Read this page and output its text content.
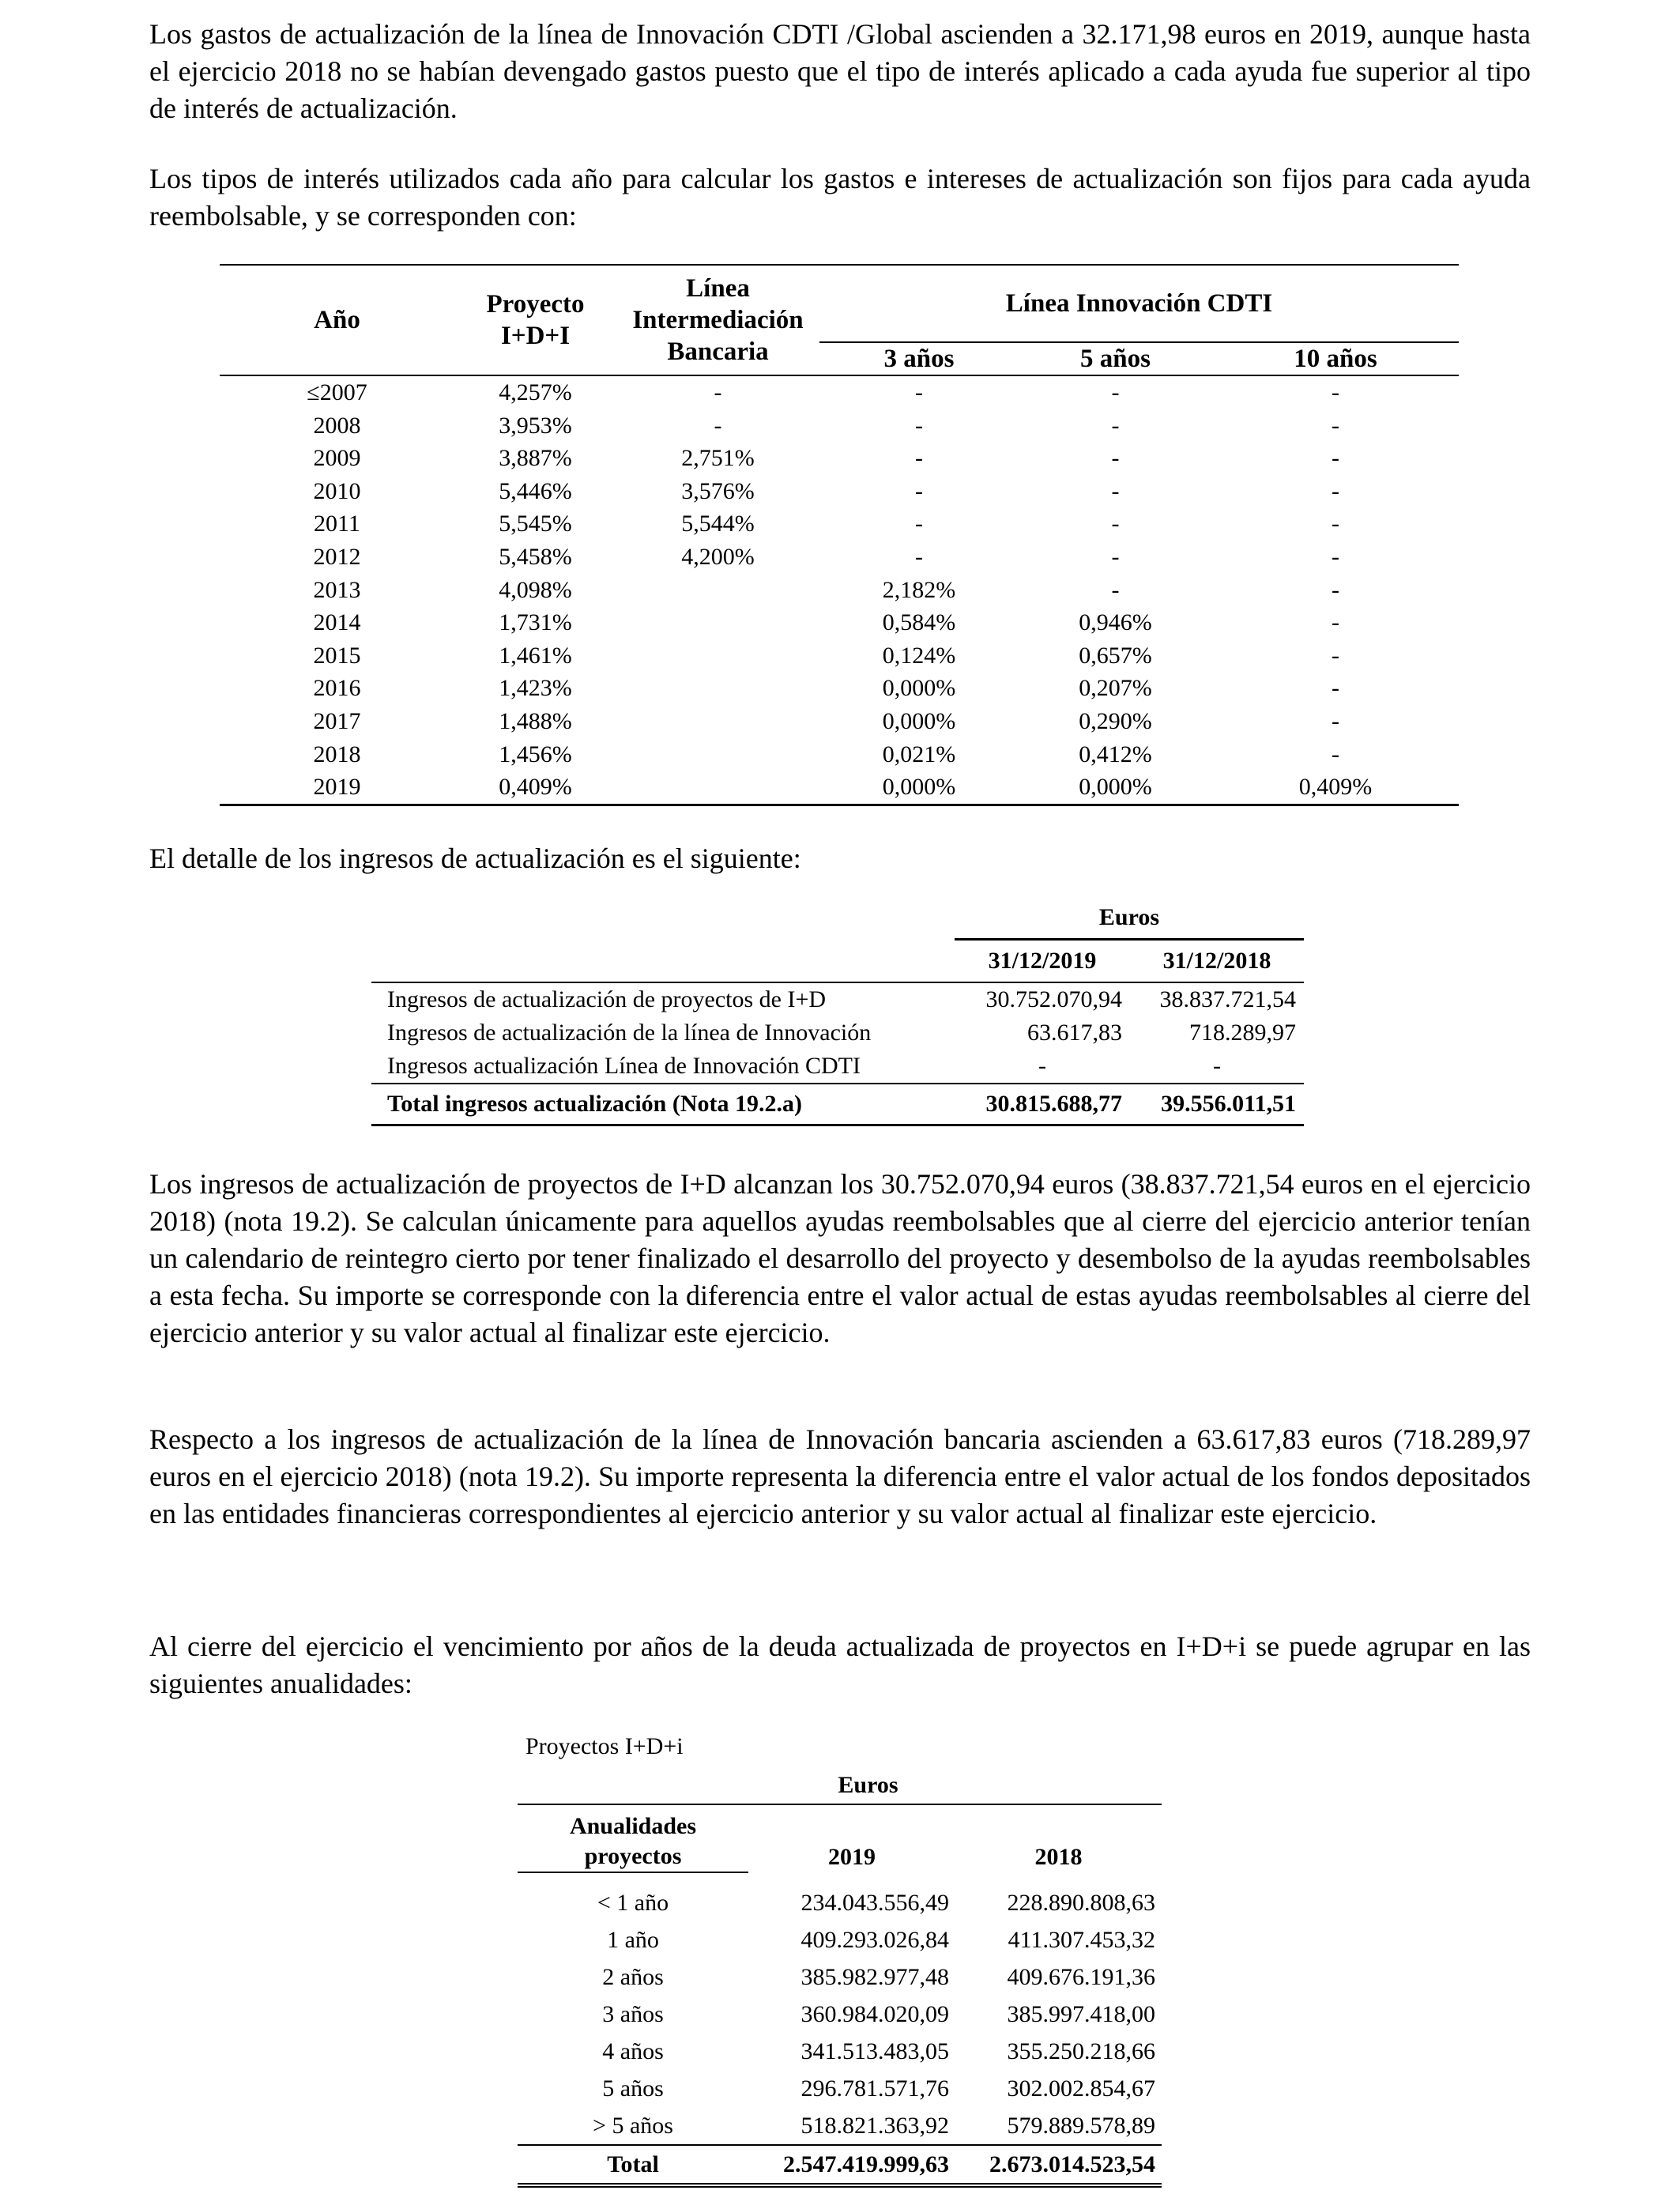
Los gastos de actualización de la línea de Innovación CDTI /Global ascienden a 32.171,98 euros en 2019, aunque hasta el ejercicio 2018 no se habían devengado gastos puesto que el tipo de interés aplicado a cada ayuda fue superior al tipo de interés de actualización.

Los tipos de interés utilizados cada año para calcular los gastos e intereses de actualización son fijos para cada ayuda reembolsable, y se corresponden con:

Año	Proyecto I+D+I	Línea Intermediación Bancaria	Línea Innovación CDTI		
			3 años	5 años	10 años
≤2007	4,257%	-	-	-	-
2008	3,953%	-	-	-	-
2009	3,887%	2,751%	-	-	-
2010	5,446%	3,576%	-	-	-
2011	5,545%	5,544%	-	-	-
2012	5,458%	4,200%	-	-	-
2013	4,098%		2,182%	-	-
2014	1,731%		0,584%	0,946%	-
2015	1,461%		0,124%	0,657%	-
2016	1,423%		0,000%	0,207%	-
2017	1,488%		0,000%	0,290%	-
2018	1,456%		0,021%	0,412%	-
2019	0,409%		0,000%	0,000%	0,409%

El detalle de los ingresos de actualización es el siguiente:

	Euros	
	31/12/2019	31/12/2018
Ingresos de actualización de proyectos de I+D	30.752.070,94	38.837.721,54
Ingresos de actualización de la línea de Innovación	63.617,83	718.289,97
Ingresos actualización Línea de Innovación CDTI	-	-
Total ingresos actualización (Nota 19.2.a)	30.815.688,77	39.556.011,51

Los ingresos de actualización de proyectos de I+D alcanzan los 30.752.070,94 euros (38.837.721,54 euros en el ejercicio 2018) (nota 19.2). Se calculan únicamente para aquellos ayudas reembolsables que al cierre del ejercicio anterior tenían un calendario de reintegro cierto por tener finalizado el desarrollo del proyecto y desembolso de la ayudas reembolsables a esta fecha. Su importe se corresponde con la diferencia entre el valor actual de estas ayudas reembolsables al cierre del ejercicio anterior y su valor actual al finalizar este ejercicio.

Respecto a los ingresos de actualización de la línea de Innovación bancaria ascienden a 63.617,83 euros (718.289,97 euros en el ejercicio 2018) (nota 19.2). Su importe representa la diferencia entre el valor actual de los fondos depositados en las entidades financieras correspondientes al ejercicio anterior y su valor actual al finalizar este ejercicio.

Al cierre del ejercicio el vencimiento por años de la deuda actualizada de proyectos en I+D+i se puede agrupar en las siguientes anualidades:

Proyectos I+D+i
	Euros

Anualidades
proyectos	2019	2018

< 1 año	234.043.556,49	228.890.808,63
1 año	409.293.026,84	411.307.453,32
2 años	385.982.977,48	409.676.191,36
3 años	360.984.020,09	385.997.418,00
4 años	341.513.483,05	355.250.218,66
5 años	296.781.571,76	302.002.854,67
> 5 años	518.821.363,92	579.889.578,89
Total	2.547.419.999,63	2.673.014.523,54
